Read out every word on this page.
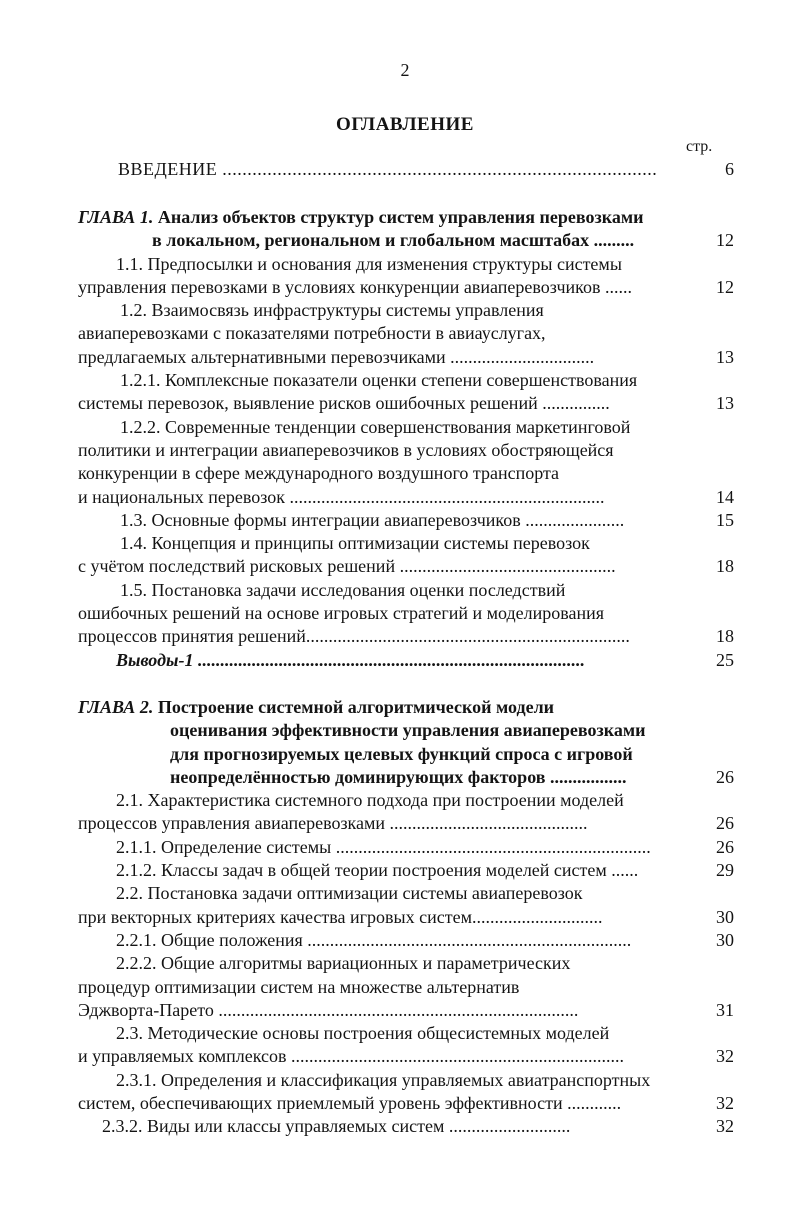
2
ОГЛАВЛЕНИЕ
стр.
ВВЕДЕНИЕ .......................................................................................	6
ГЛАВА 1. Анализ объектов структур систем управления перевозками
в локальном, региональном и глобальном масштабах .........	12
1.1. Предпосылки и основания для изменения структуры системы
управления перевозками в условиях конкуренции авиаперевозчиков ......	12
1.2. Взаимосвязь инфраструктуры системы управления
авиаперевозками с показателями потребности в авиауслугах,
предлагаемых альтернативными перевозчиками ................................	13
1.2.1. Комплексные показатели оценки степени совершенствования
системы перевозок, выявление рисков ошибочных решений ...............	13
1.2.2. Современные тенденции совершенствования маркетинговой
политики и интеграции авиаперевозчиков в условиях обостряющейся
конкуренции в сфере международного воздушного транспорта
и национальных перевозок ......................................................................	14
1.3. Основные формы интеграции авиаперевозчиков ......................	15
1.4. Концепция и принципы оптимизации системы перевозок
с учётом последствий рисковых решений ................................................	18
1.5. Постановка задачи исследования оценки последствий
ошибочных решений на основе игровых стратегий и моделирования
процессов принятия решений........................................................................	18
Выводы-1 ......................................................................................	25
ГЛАВА 2. Построение системной алгоритмической модели
оценивания эффективности управления авиаперевозками
для прогнозируемых целевых функций спроса с игровой
неопределённостью доминирующих факторов .................	26
2.1. Характеристика системного подхода при построении моделей
процессов управления авиаперевозками ............................................	26
2.1.1. Определение системы ......................................................................	26
2.1.2. Классы задач в общей теории построения моделей систем ......	29
2.2. Постановка задачи оптимизации системы авиаперевозок
при векторных критериях качества игровых систем.............................	30
2.2.1. Общие положения ........................................................................	30
2.2.2. Общие алгоритмы вариационных и параметрических
процедур оптимизации систем на множестве альтернатив
Эджворта-Парето ................................................................................	31
2.3. Методические основы построения общесистемных моделей
и управляемых комплексов ..........................................................................	32
2.3.1. Определения и классификация управляемых авиатранспортных
систем, обеспечивающих приемлемый уровень эффективности ............	32
2.3.2. Виды или классы управляемых систем ...........................	32
